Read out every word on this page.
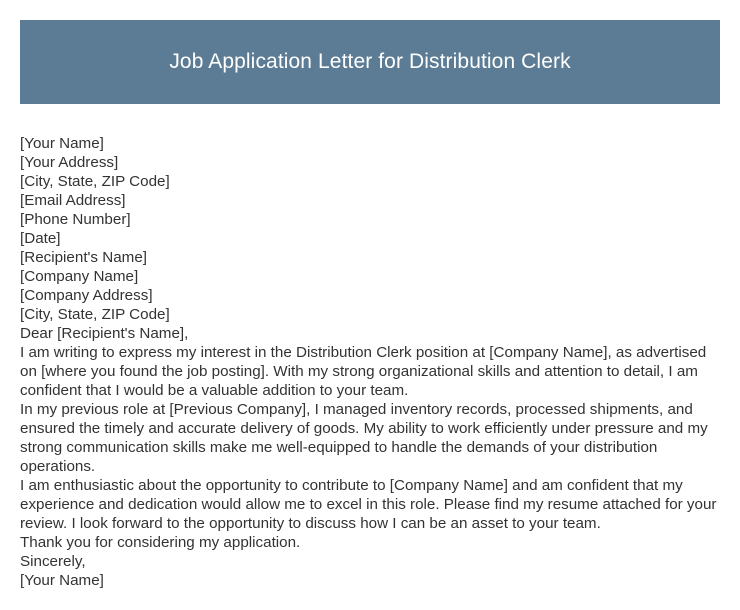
Job Application Letter for Distribution Clerk

[Your Name]

[Your Address]

[City, State, ZIP Code]

[Email Address]

[Phone Number]

[Date]

[Recipient's Name]

[Company Name]

[Company Address]

[City, State, ZIP Code]

Dear [Recipient's Name],

I am writing to express my interest in the Distribution Clerk position at [Company Name], as advertised on [where you found the job posting]. With my strong organizational skills and attention to detail, I am confident that I would be a valuable addition to your team.

In my previous role at [Previous Company], I managed inventory records, processed shipments, and ensured the timely and accurate delivery of goods. My ability to work efficiently under pressure and my strong communication skills make me well-equipped to handle the demands of your distribution operations.

I am enthusiastic about the opportunity to contribute to [Company Name] and am confident that my experience and dedication would allow me to excel in this role. Please find my resume attached for your review. I look forward to the opportunity to discuss how I can be an asset to your team.

Thank you for considering my application.

Sincerely,

[Your Name]
